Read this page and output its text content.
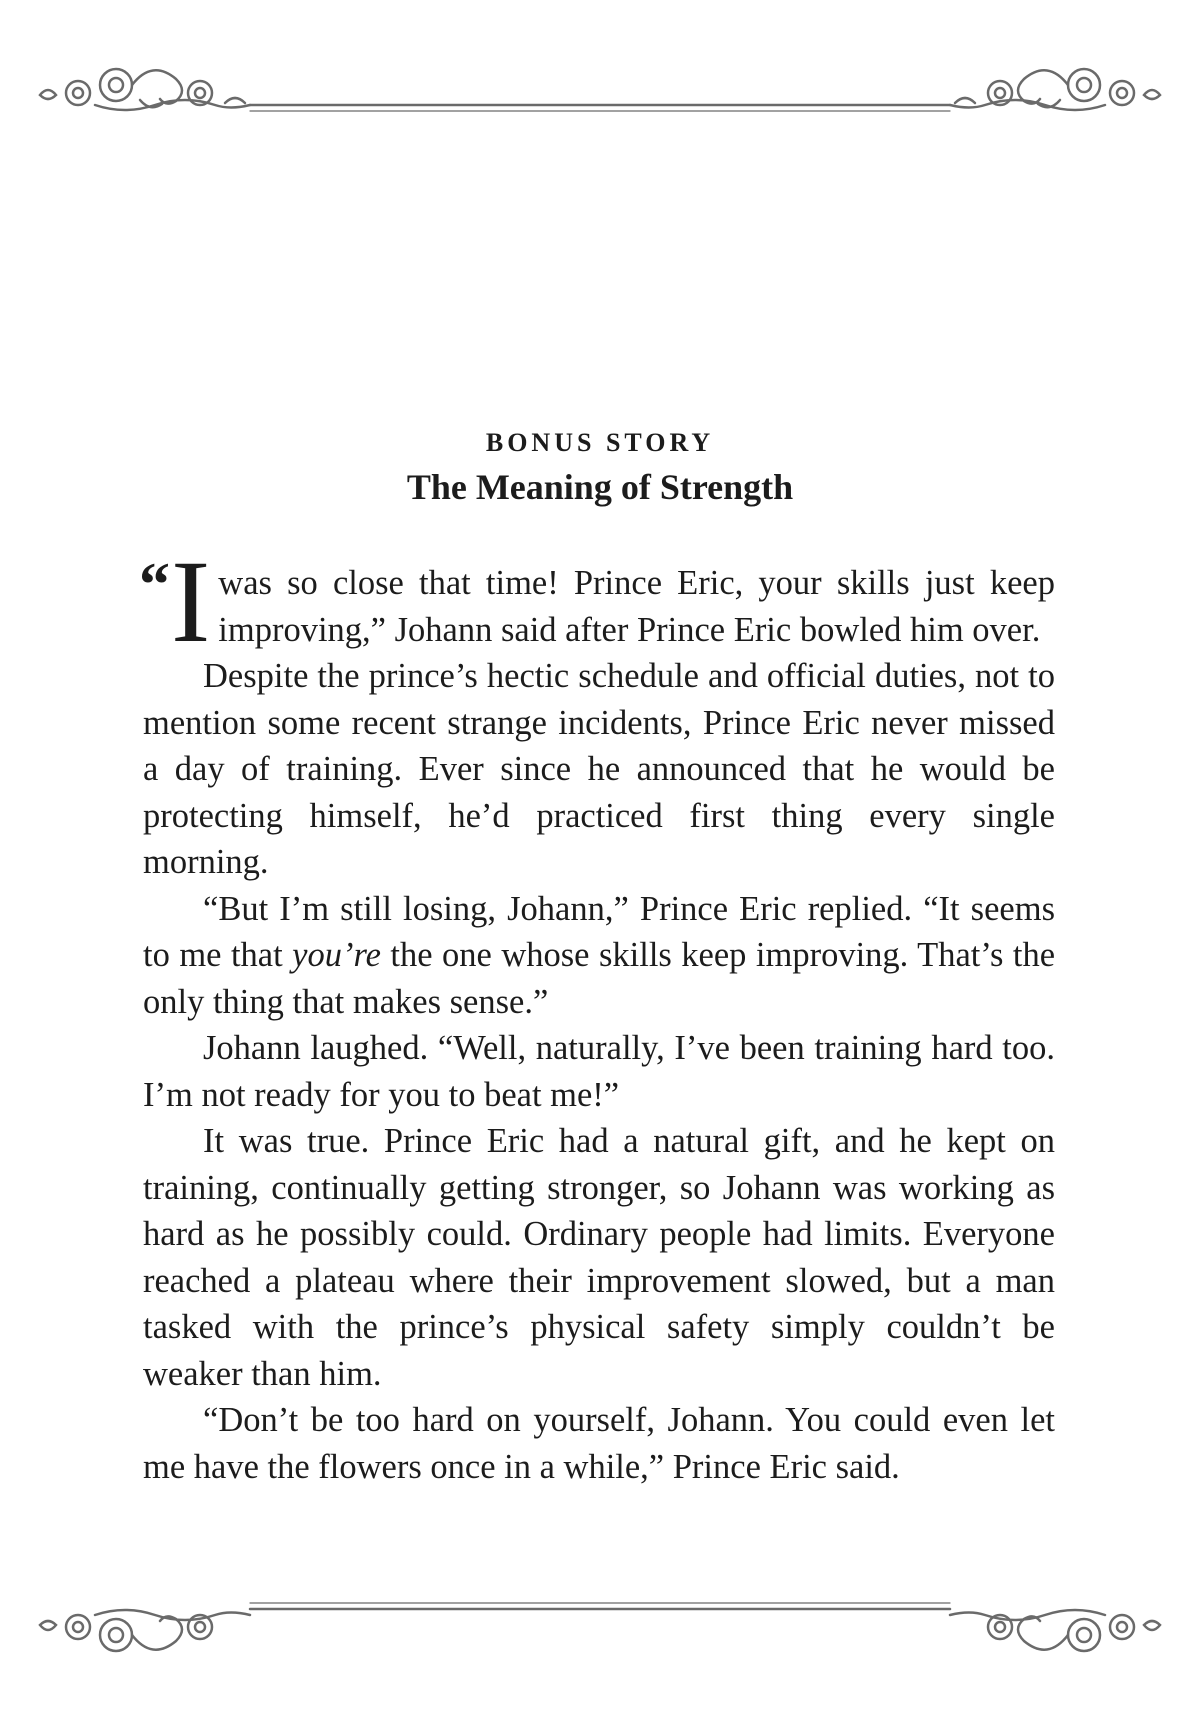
BONUS STORY
The Meaning of Strength

“ I was so close that time! Prince Eric, your skills just keep improving,” Johann said after Prince Eric bowled him over.

Despite the prince’s hectic schedule and official duties, not to mention some recent strange incidents, Prince Eric never missed a day of training. Ever since he announced that he would be protecting himself, he’d practiced first thing every single morning.

“But I’m still losing, Johann,” Prince Eric replied. “It seems to me that you’re the one whose skills keep improving. That’s the only thing that makes sense.”

Johann laughed. “Well, naturally, I’ve been training hard too. I’m not ready for you to beat me!”

It was true. Prince Eric had a natural gift, and he kept on training, continually getting stronger, so Johann was working as hard as he possibly could. Ordinary people had limits. Everyone reached a plateau where their improvement slowed, but a man tasked with the prince’s physical safety simply couldn’t be weaker than him.

“Don’t be too hard on yourself, Johann. You could even let me have the flowers once in a while,” Prince Eric said.
